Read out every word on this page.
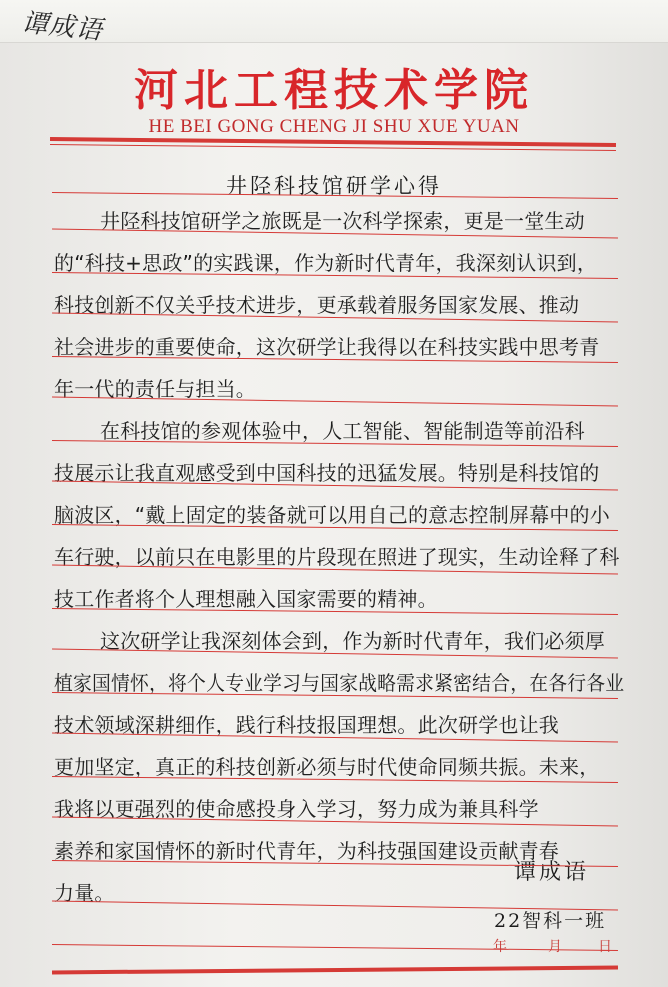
谭成语
河北工程技术学院
HE BEI GONG CHENG JI SHU XUE YUAN
井陉科技馆研学心得
井陉科技馆研学之旅既是一次科学探索，更是一堂生动
的“科技+思政”的实践课，作为新时代青年，我深刻认识到，
科技创新不仅关乎技术进步，更承载着服务国家发展、推动
社会进步的重要使命，这次研学让我得以在科技实践中思考青
年一代的责任与担当。
在科技馆的参观体验中，人工智能、智能制造等前沿科
技展示让我直观感受到中国科技的迅猛发展。特别是科技馆的
脑波区，“戴上固定的装备就可以用自己的意志控制屏幕中的小
车行驶，以前只在电影里的片段现在照进了现实，生动诠释了科
技工作者将个人理想融入国家需要的精神。
这次研学让我深刻体会到，作为新时代青年，我们必须厚
植家国情怀，将个人专业学习与国家战略需求紧密结合，在各行各业
技术领域深耕细作，践行科技报国理想。此次研学也让我
更加坚定，真正的科技创新必须与时代使命同频共振。未来，
我将以更强烈的使命感投身入学习，努力成为兼具科学
素养和家国情怀的新时代青年，为科技强国建设贡献青春
力量。
谭成语
22智科一班
年	月	日
